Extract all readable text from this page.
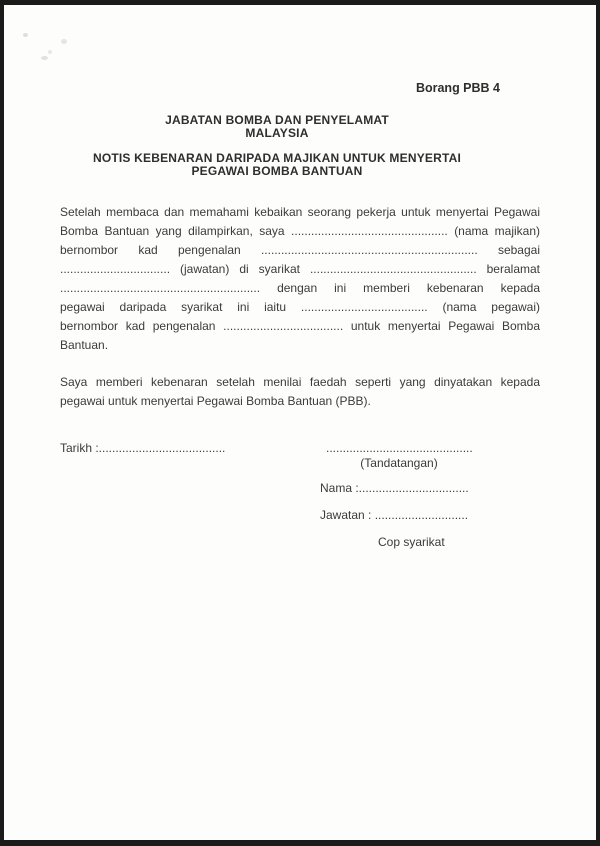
Borang PBB 4
JABATAN BOMBA DAN PENYELAMAT
MALAYSIA
NOTIS KEBENARAN DARIPADA MAJIKAN UNTUK MENYERTAI
PEGAWAI BOMBA BANTUAN
Setelah membaca dan memahami kebaikan seorang pekerja untuk menyertai Pegawai
Bomba Bantuan yang dilampirkan, saya ............................................... (nama majikan)
bernombor kad pengenalan ................................................................. sebagai
................................. (jawatan) di syarikat .................................................. beralamat
............................................................ dengan ini memberi kebenaran kepada
pegawai daripada syarikat ini iaitu ...................................... (nama pegawai)
bernombor kad pengenalan .................................... untuk menyertai Pegawai Bomba
Bantuan.
Saya memberi kebenaran setelah menilai faedah seperti yang dinyatakan kepada
pegawai untuk menyertai Pegawai Bomba Bantuan (PBB).
Tarikh :......................................	............................................
(Tandatangan)
Nama :.................................
Jawatan : ............................
Cop syarikat
